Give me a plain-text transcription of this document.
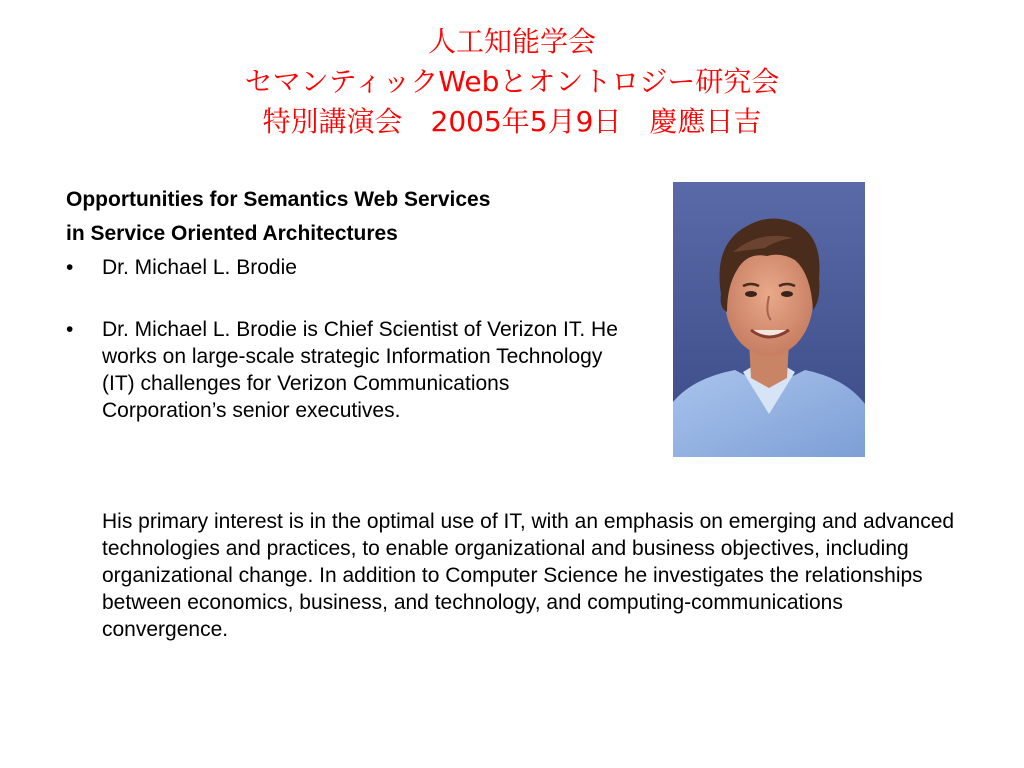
人工知能学会
セマンティックWebとオントロジー研究会
特別講演会　2005年5月9日　慶應日吉
Opportunities for Semantics Web Services
in Service Oriented Architectures
• Dr. Michael L. Brodie
• Dr. Michael L. Brodie is Chief Scientist of Verizon IT. He works on large-scale strategic Information Technology (IT) challenges for Verizon Communications Corporation’s senior executives.
His primary interest is in the optimal use of IT, with an emphasis on emerging and advanced technologies and practices, to enable organizational and business objectives, including organizational change. In addition to Computer Science he investigates the relationships between economics, business, and technology, and computing-communications convergence.
